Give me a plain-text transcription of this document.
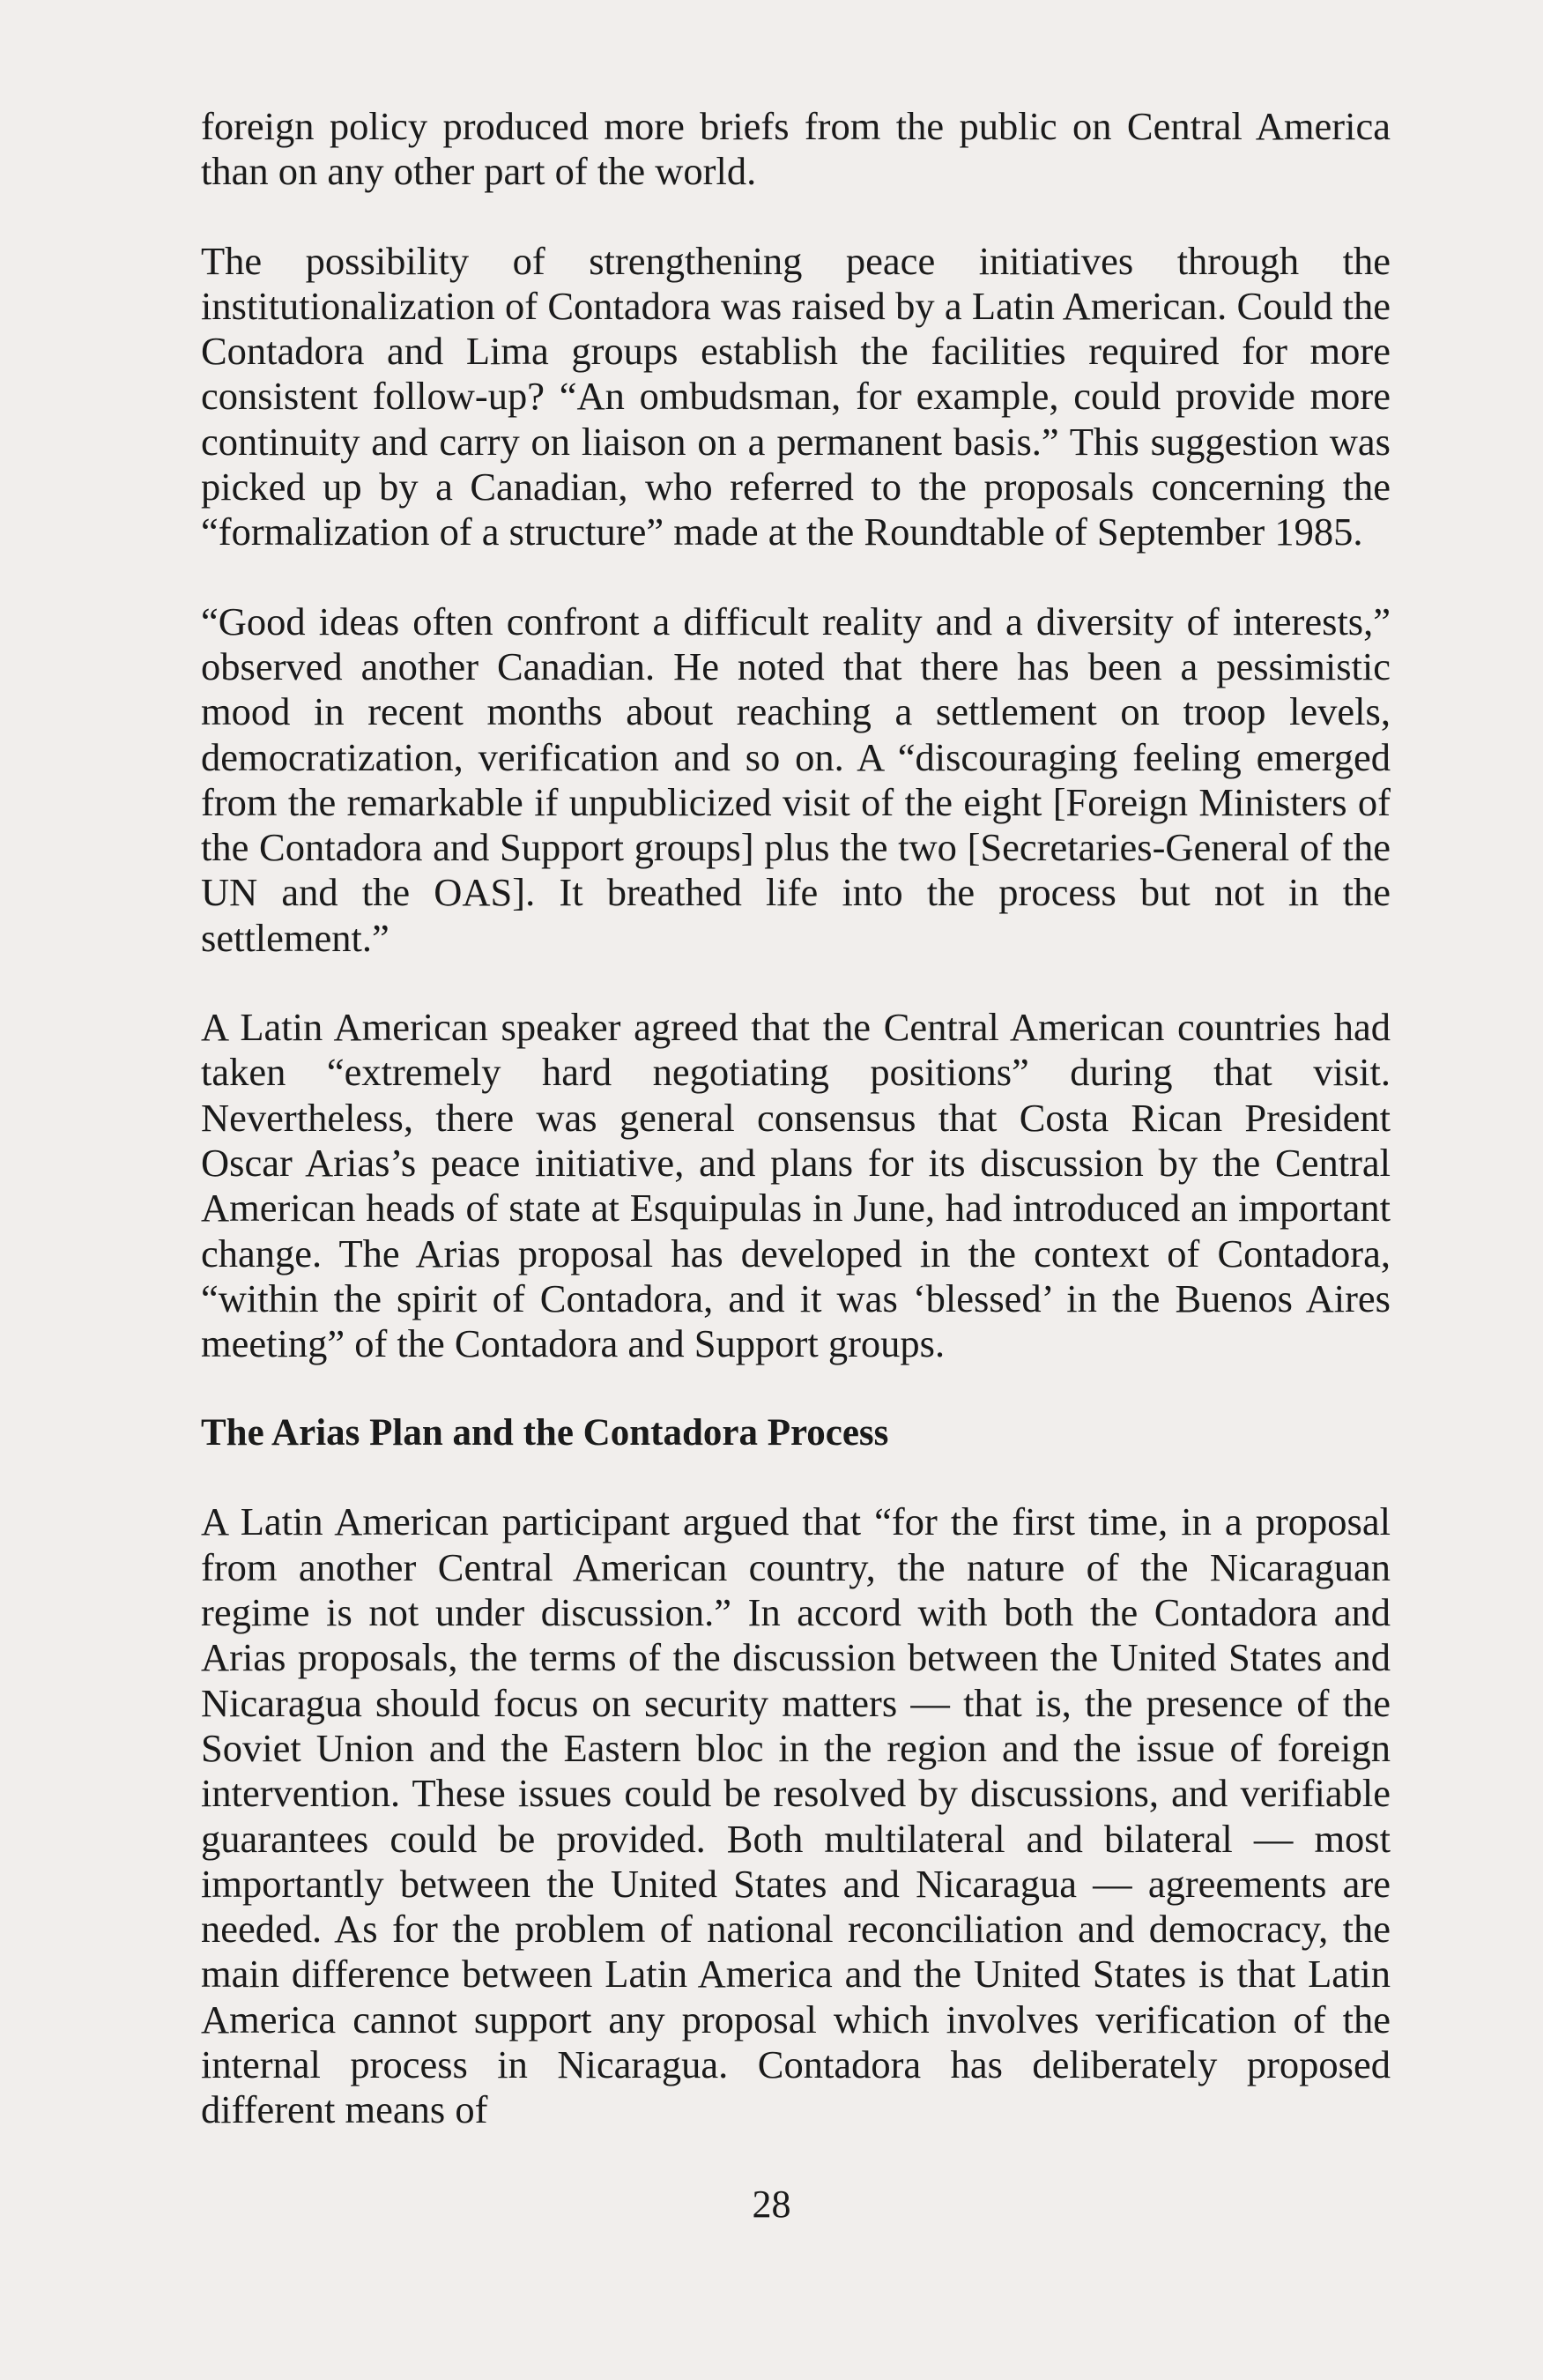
foreign policy produced more briefs from the public on Central America than on any other part of the world.

The possibility of strengthening peace initiatives through the institutionalization of Contadora was raised by a Latin American. Could the Contadora and Lima groups establish the facilities required for more consistent follow-up? “An ombudsman, for example, could provide more continuity and carry on liaison on a permanent basis.” This suggestion was picked up by a Canadian, who referred to the proposals concerning the “formalization of a structure” made at the Roundtable of September 1985.

“Good ideas often confront a difficult reality and a diversity of interests,” observed another Canadian. He noted that there has been a pessimistic mood in recent months about reaching a settlement on troop levels, democratization, verification and so on. A “discouraging feeling emerged from the remarkable if unpublicized visit of the eight [Foreign Ministers of the Contadora and Support groups] plus the two [Secretaries-General of the UN and the OAS]. It breathed life into the process but not in the settlement.”

A Latin American speaker agreed that the Central American countries had taken “extremely hard negotiating positions” during that visit. Nevertheless, there was general consensus that Costa Rican President Oscar Arias’s peace initiative, and plans for its discussion by the Central American heads of state at Esquipulas in June, had introduced an important change. The Arias proposal has developed in the context of Contadora, “within the spirit of Contadora, and it was ‘blessed’ in the Buenos Aires meeting” of the Contadora and Support groups.

The Arias Plan and the Contadora Process

A Latin American participant argued that “for the first time, in a proposal from another Central American country, the nature of the Nicaraguan regime is not under discussion.” In accord with both the Contadora and Arias proposals, the terms of the discussion between the United States and Nicaragua should focus on security matters — that is, the presence of the Soviet Union and the Eastern bloc in the region and the issue of foreign intervention. These issues could be resolved by discussions, and verifiable guarantees could be provided. Both multilateral and bilateral — most importantly between the United States and Nicaragua — agreements are needed. As for the problem of national reconciliation and democracy, the main difference between Latin America and the United States is that Latin America cannot support any proposal which involves verification of the internal process in Nicaragua. Contadora has deliberately proposed different means of

28
